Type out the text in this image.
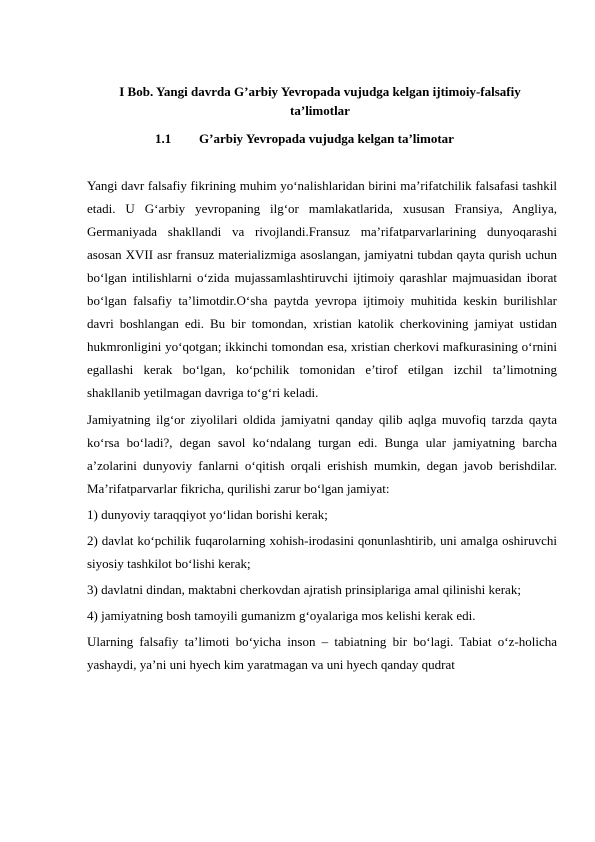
I Bob. Yangi davrda G’arbiy Yevropada vujudga kelgan ijtimoiy-falsafiy ta’limotlar
1.1 G’arbiy Yevropada vujudga kelgan ta’limotar

Yangi davr falsafiy fikrining muhim yo‘nalishlaridan birini ma’rifatchilik falsafasi tashkil etadi. U G‘arbiy yevropaning ilg‘or mamlakatlarida, xususan Fransiya, Angliya, Germaniyada shakllandi va rivojlandi.Fransuz ma’rifatparvarlarining dunyoqarashi asosan XVII asr fransuz materializmiga asoslangan, jamiyatni tubdan qayta qurish uchun bo‘lgan intilishlarni o‘zida mujassamlashtiruvchi ijtimoiy qarashlar majmuasidan iborat bo‘lgan falsafiy ta’limotdir.O‘sha paytda yevropa ijtimoiy muhitida keskin burilishlar davri boshlangan edi. Bu bir tomondan, xristian katolik cherkovining jamiyat ustidan hukmronligini yo‘qotgan; ikkinchi tomondan esa, xristian cherkovi mafkurasining o‘rnini egallashi kerak bo‘lgan, ko‘pchilik tomonidan e’tirof etilgan izchil ta’limotning shakllanib yetilmagan davriga to‘g‘ri keladi.

Jamiyatning ilg‘or ziyolilari oldida jamiyatni qanday qilib aqlga muvofiq tarzda qayta ko‘rsa bo‘ladi?, degan savol ko‘ndalang turgan edi. Bunga ular jamiyatning barcha a’zolarini dunyoviy fanlarni o‘qitish orqali erishish mumkin, degan javob berishdilar. Ma’rifatparvarlar fikricha, qurilishi zarur bo‘lgan jamiyat:

1) dunyoviy taraqqiyot yo‘lidan borishi kerak;

2) davlat ko‘pchilik fuqarolarning xohish-irodasini qonunlashtirib, uni amalga oshiruvchi siyosiy tashkilot bo‘lishi kerak;

3) davlatni dindan, maktabni cherkovdan ajratish prinsiplariga amal qilinishi kerak;

4) jamiyatning bosh tamoyili gumanizm g‘oyalariga mos kelishi kerak edi.

Ularning falsafiy ta’limoti bo‘yicha inson – tabiatning bir bo‘lagi. Tabiat o‘z-holicha yashaydi, ya’ni uni hyech kim yaratmagan va uni hyech qanday qudrat
